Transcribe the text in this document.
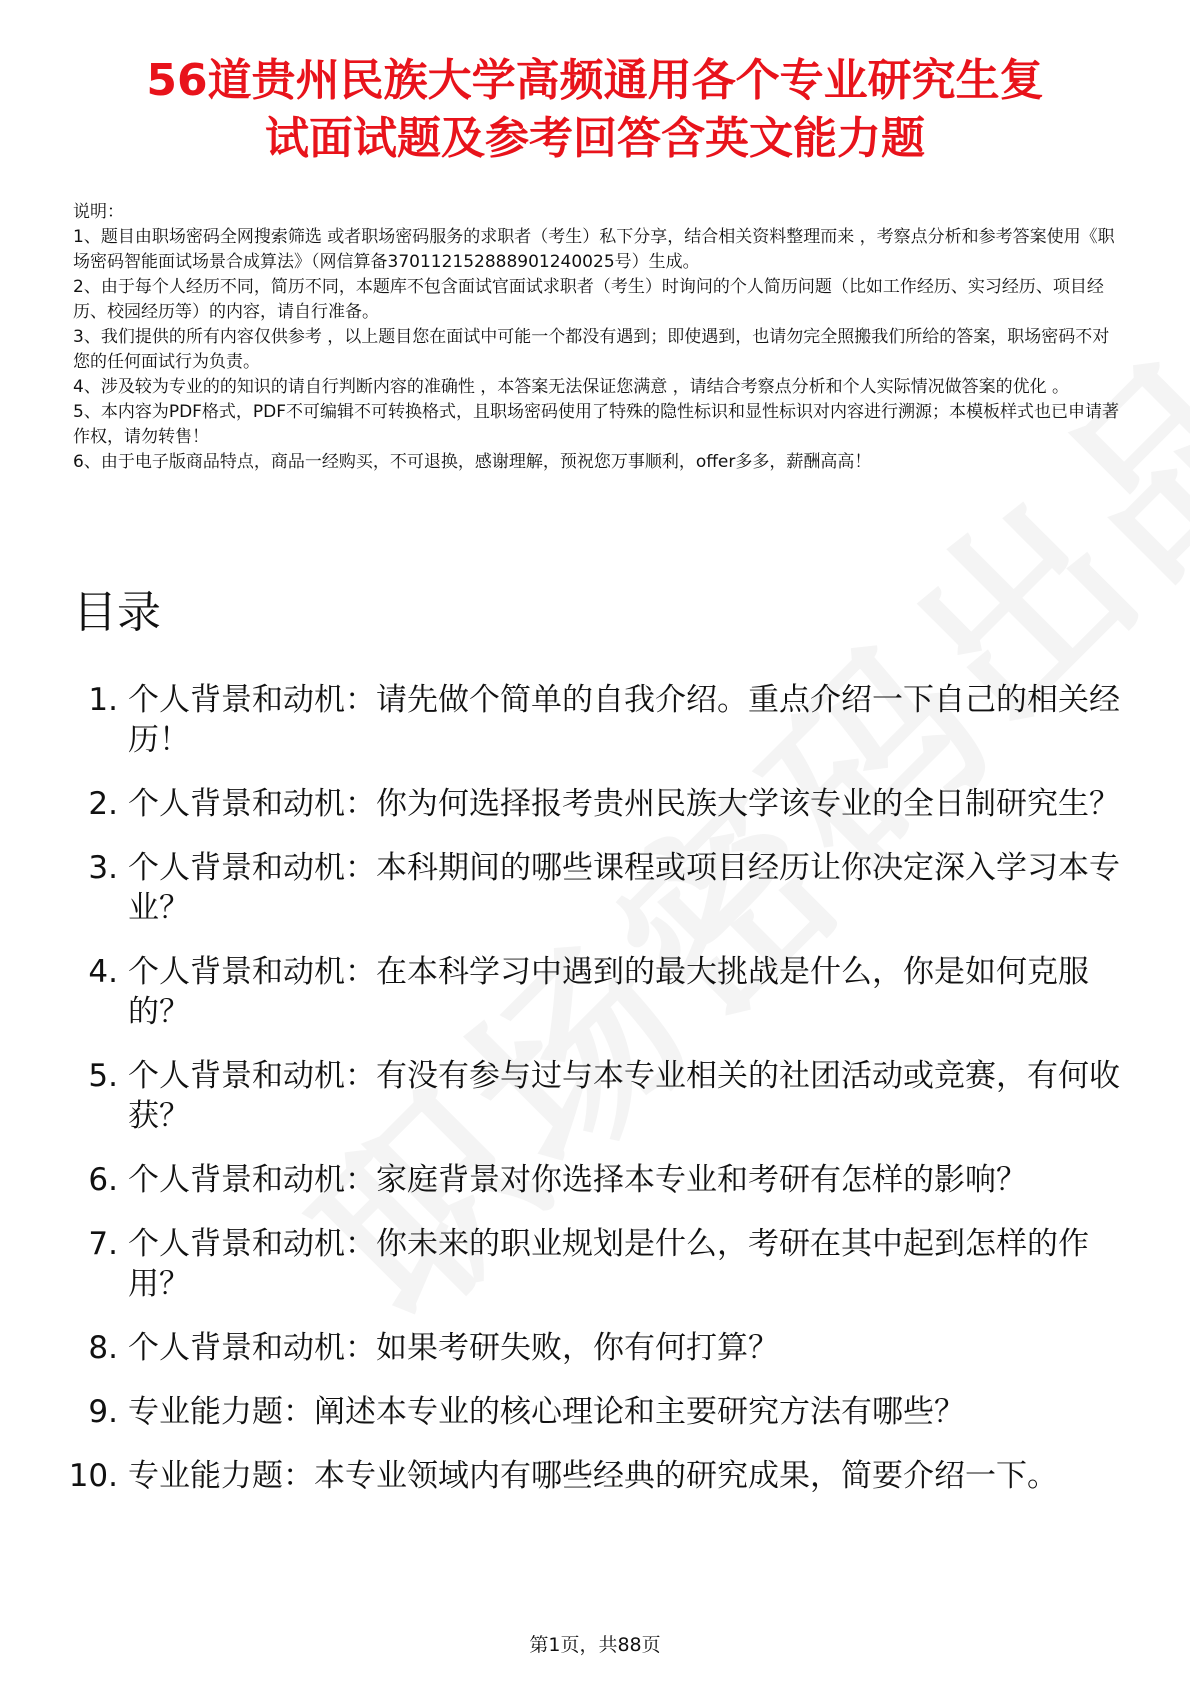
56道贵州民族大学高频通用各个专业研究生复
试面试题及参考回答含英文能力题

说明：

1、题目由职场密码全网搜索筛选 或者职场密码服务的求职者（考生）私下分享，结合相关资料整理而来 ，考察点分析和参考答案使用《职场密码智能面试场景合成算法》（网信算备370112152888901240025号）生成。

2、由于每个人经历不同，简历不同，本题库不包含面试官面试求职者（考生）时询问的个人简历问题（比如工作经历、实习经历、项目经历、校园经历等）的内容，请自行准备。

3、我们提供的所有内容仅供参考 ，以上题目您在面试中可能一个都没有遇到；即使遇到，也请勿完全照搬我们所给的答案，职场密码不对您的任何面试行为负责。

4、涉及较为专业的的知识的请自行判断内容的准确性 ，本答案无法保证您满意 ，请结合考察点分析和个人实际情况做答案的优化 。

5、本内容为PDF格式，PDF不可编辑不可转换格式，且职场密码使用了特殊的隐性标识和显性标识对内容进行溯源；本模板样式也已申请著作权，请勿转售！

6、由于电子版商品特点，商品一经购买，不可退换，感谢理解，预祝您万事顺利，offer多多，薪酬高高！

目录
1. 个人背景和动机：请先做个简单的自我介绍。重点介绍一下自己的相关经历！
2. 个人背景和动机：你为何选择报考贵州民族大学该专业的全日制研究生？
3. 个人背景和动机：本科期间的哪些课程或项目经历让你决定深入学习本专业？
4. 个人背景和动机：在本科学习中遇到的最大挑战是什么，你是如何克服的？
5. 个人背景和动机：有没有参与过与本专业相关的社团活动或竞赛，有何收获？
6. 个人背景和动机：家庭背景对你选择本专业和考研有怎样的影响？
7. 个人背景和动机：你未来的职业规划是什么，考研在其中起到怎样的作用？
8. 个人背景和动机：如果考研失败，你有何打算？
9. 专业能力题：阐述本专业的核心理论和主要研究方法有哪些？
10. 专业能力题：本专业领域内有哪些经典的研究成果，简要介绍一下。
第1页，共88页
